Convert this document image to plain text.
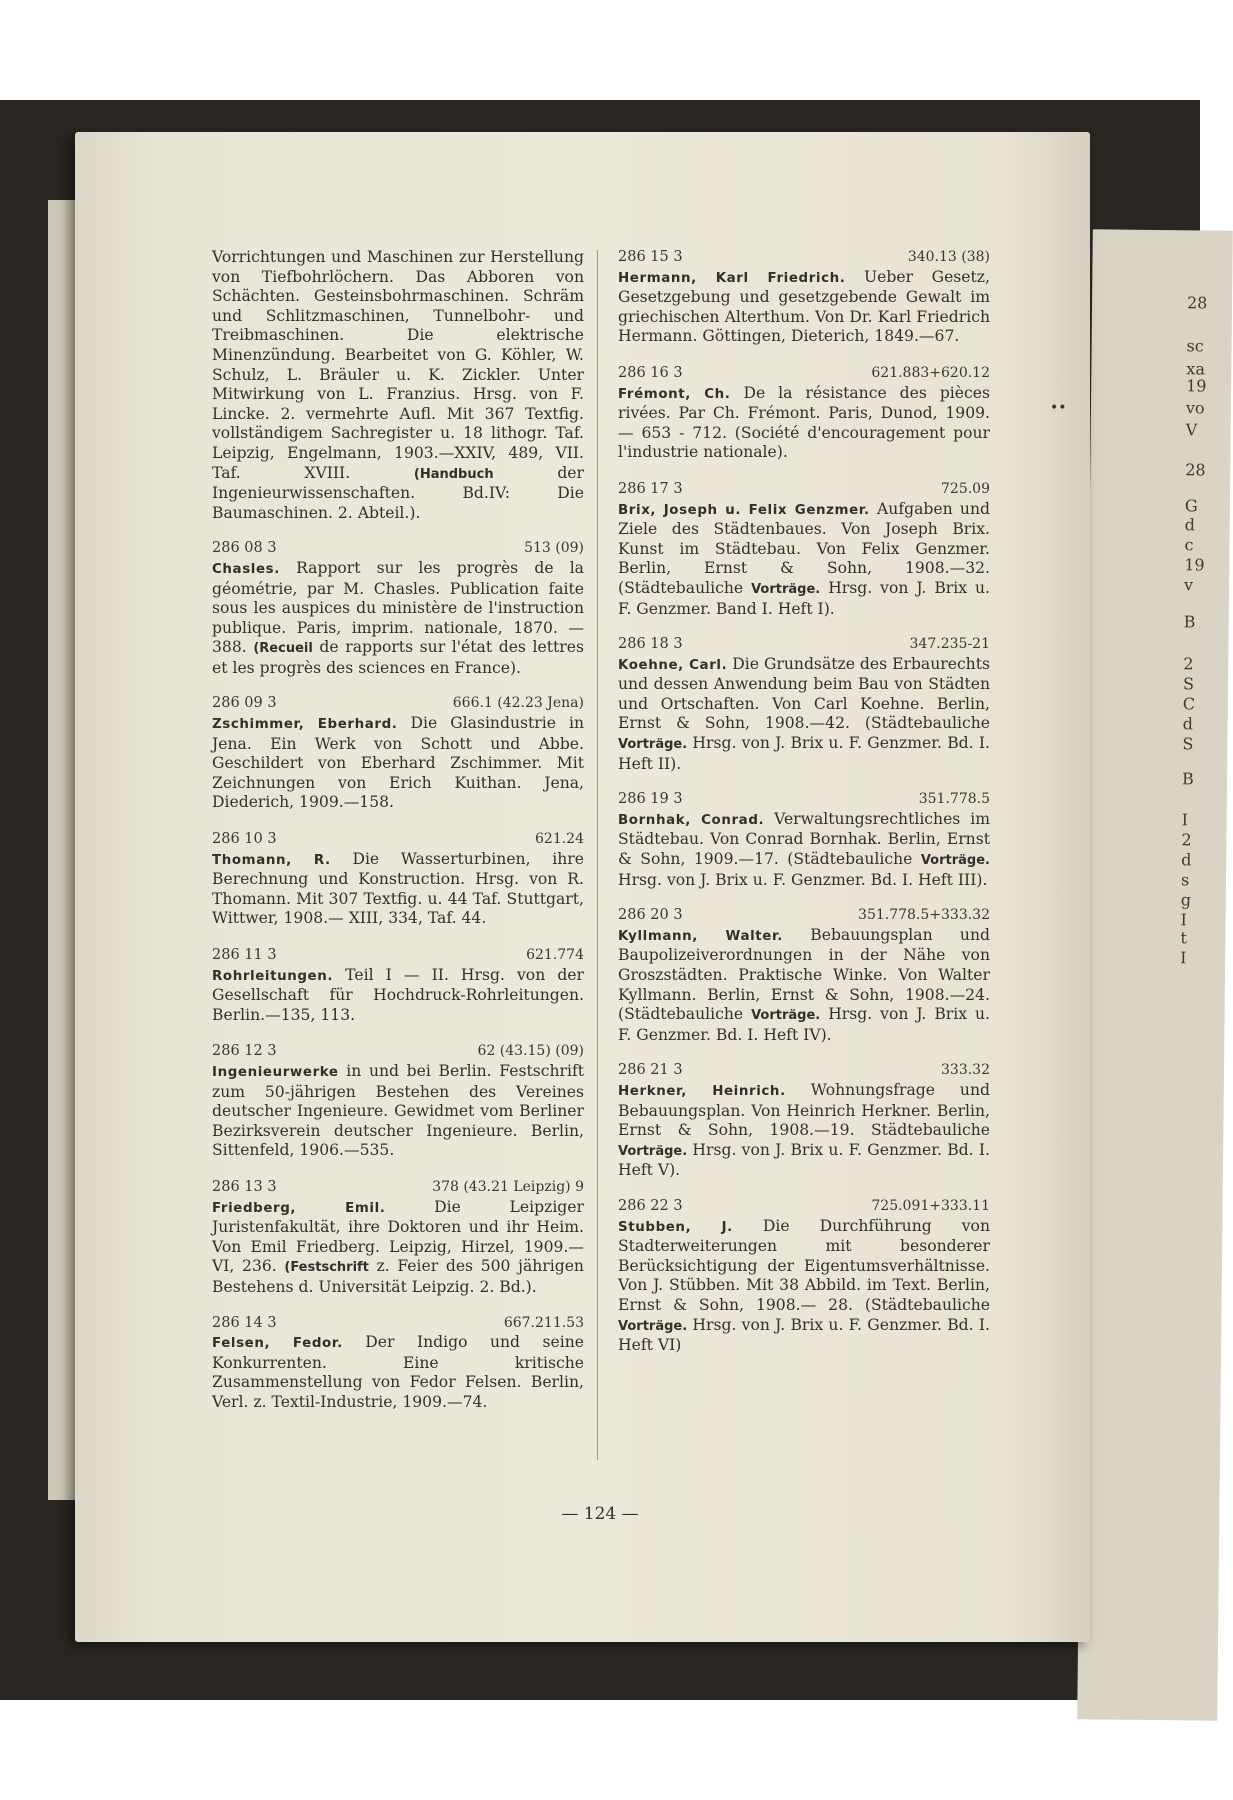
28
sc
xa
19
vo
V
28
G
d
c
19
v
B
2
S
C
d
S
B
I
2
d
s
g
I
t
I
••

Vorrichtungen und Maschinen zur Herstellung von Tiefbohrlöchern. Das Abboren von Schächten. Gesteinsbohrmaschinen. Schräm und Schlitzmaschinen, Tunnelbohr- und Treibmaschinen. Die elektrische Minenzündung. Bearbeitet von G. Köhler, W. Schulz, L. Bräuler u. K. Zickler. Unter Mitwirkung von L. Franzius. Hrsg. von F. Lincke. 2. vermehrte Aufl. Mit 367 Textfig. vollständigem Sachregister u. 18 lithogr. Taf. Leipzig, Engelmann, 1903.—XXIV, 489, VII. Taf. XVIII.	(Handbuch	der Ingenieurwissenschaften. Bd.IV: Die Baumaschinen. 2. Abteil.).

286 08 3	513 (09)

Chasles. Rapport sur les progrès de la géométrie, par M. Chasles. Publication faite sous les auspices du ministère de l'instruction publique. Paris, imprim. nationale, 1870. — 388. (Recueil de rapports sur l'état des lettres et les progrès des sciences en France).

286 09 3	666.1 (42.23 Jena)

Zschimmer, Eberhard. Die Glasindustrie in Jena. Ein Werk von Schott und Abbe. Geschildert von Eberhard Zschimmer. Mit Zeichnungen von Erich Kuithan. Jena, Diederich, 1909.—158.

286 10 3	621.24

Thomann, R. Die Wasserturbinen, ihre Berechnung und Konstruction. Hrsg. von R. Thomann. Mit 307 Textfig. u. 44 Taf. Stuttgart, Wittwer, 1908.— XIII, 334, Taf. 44.

286 11 3	621.774

Rohrleitungen. Teil I — II. Hrsg. von der Gesellschaft für Hochdruck-Rohrleitungen. Berlin.—135, 113.

286 12 3	62 (43.15) (09)

Ingenieurwerke in und bei Berlin. Festschrift zum 50-jährigen Bestehen des Vereines deutscher Ingenieure. Gewidmet vom Berliner Bezirksverein deutscher Ingenieure. Berlin, Sittenfeld, 1906.—535.

286 13 3	378 (43.21 Leipzig) 9

Friedberg, Emil.	Die Leipziger Juristenfakultät, ihre Doktoren und ihr Heim. Von Emil Friedberg. Leipzig, Hirzel, 1909.—VI, 236. (Festschrift z. Feier des 500 jährigen Bestehens d. Universität Leipzig. 2. Bd.).

286 14 3	667.211.53

Felsen, Fedor. Der Indigo und seine Konkurrenten. Eine kritische Zusammenstellung von Fedor Felsen. Berlin, Verl. z. Textil-Industrie, 1909.—74.

286 15 3	340.13 (38)

Hermann, Karl Friedrich. Ueber Gesetz, Gesetzgebung und gesetzgebende Gewalt im griechischen Alterthum. Von Dr. Karl Friedrich Hermann. Göttingen, Dieterich, 1849.—67.

286 16 3	621.883+620.12

Frémont, Ch. De la résistance des pièces rivées. Par Ch. Frémont. Paris, Dunod, 1909. — 653 - 712. (Société d'encouragement pour l'industrie nationale).

286 17 3	725.09

Brix, Joseph u. Felix Genzmer. Aufgaben und Ziele des Städtenbaues. Von Joseph Brix. Kunst im Städtebau. Von Felix Genzmer. Berlin, Ernst & Sohn, 1908.—32. (Städtebauliche Vorträge. Hrsg. von J. Brix u. F. Genzmer. Band I. Heft I).

286 18 3	347.235-21

Koehne, Carl. Die Grundsätze des Erbaurechts und dessen Anwendung beim Bau von Städten und Ortschaften. Von Carl Koehne. Berlin, Ernst & Sohn, 1908.—42. (Städtebauliche Vorträge. Hrsg. von J. Brix u. F. Genzmer. Bd. I. Heft II).

286 19 3	351.778.5

Bornhak, Conrad. Verwaltungsrechtliches im Städtebau. Von Conrad Bornhak. Berlin, Ernst & Sohn, 1909.—17. (Städtebauliche Vorträge. Hrsg. von J. Brix u. F. Genzmer. Bd. I. Heft III).

286 20 3	351.778.5+333.32

Kyllmann, Walter. Bebauungsplan und Baupolizeiverordnungen in der Nähe von Groszstädten. Praktische Winke. Von Walter Kyllmann. Berlin, Ernst & Sohn, 1908.—24. (Städtebauliche Vorträge. Hrsg. von J. Brix u. F. Genzmer. Bd. I. Heft IV).

286 21 3	333.32

Herkner, Heinrich. Wohnungsfrage und Bebauungsplan. Von Heinrich Herkner. Berlin, Ernst & Sohn, 1908.—19. Städtebauliche Vorträge. Hrsg. von J. Brix u. F. Genzmer. Bd. I. Heft V).

286 22 3	725.091+333.11

Stubben, J. Die Durchführung von Stadterweiterungen mit besonderer Berücksichtigung der Eigentumsverhältnisse. Von J. Stübben. Mit 38 Abbild. im Text. Berlin, Ernst & Sohn, 1908.— 28. (Städtebauliche Vorträge. Hrsg. von J. Brix u. F. Genzmer. Bd. I. Heft VI)

— 124 —
